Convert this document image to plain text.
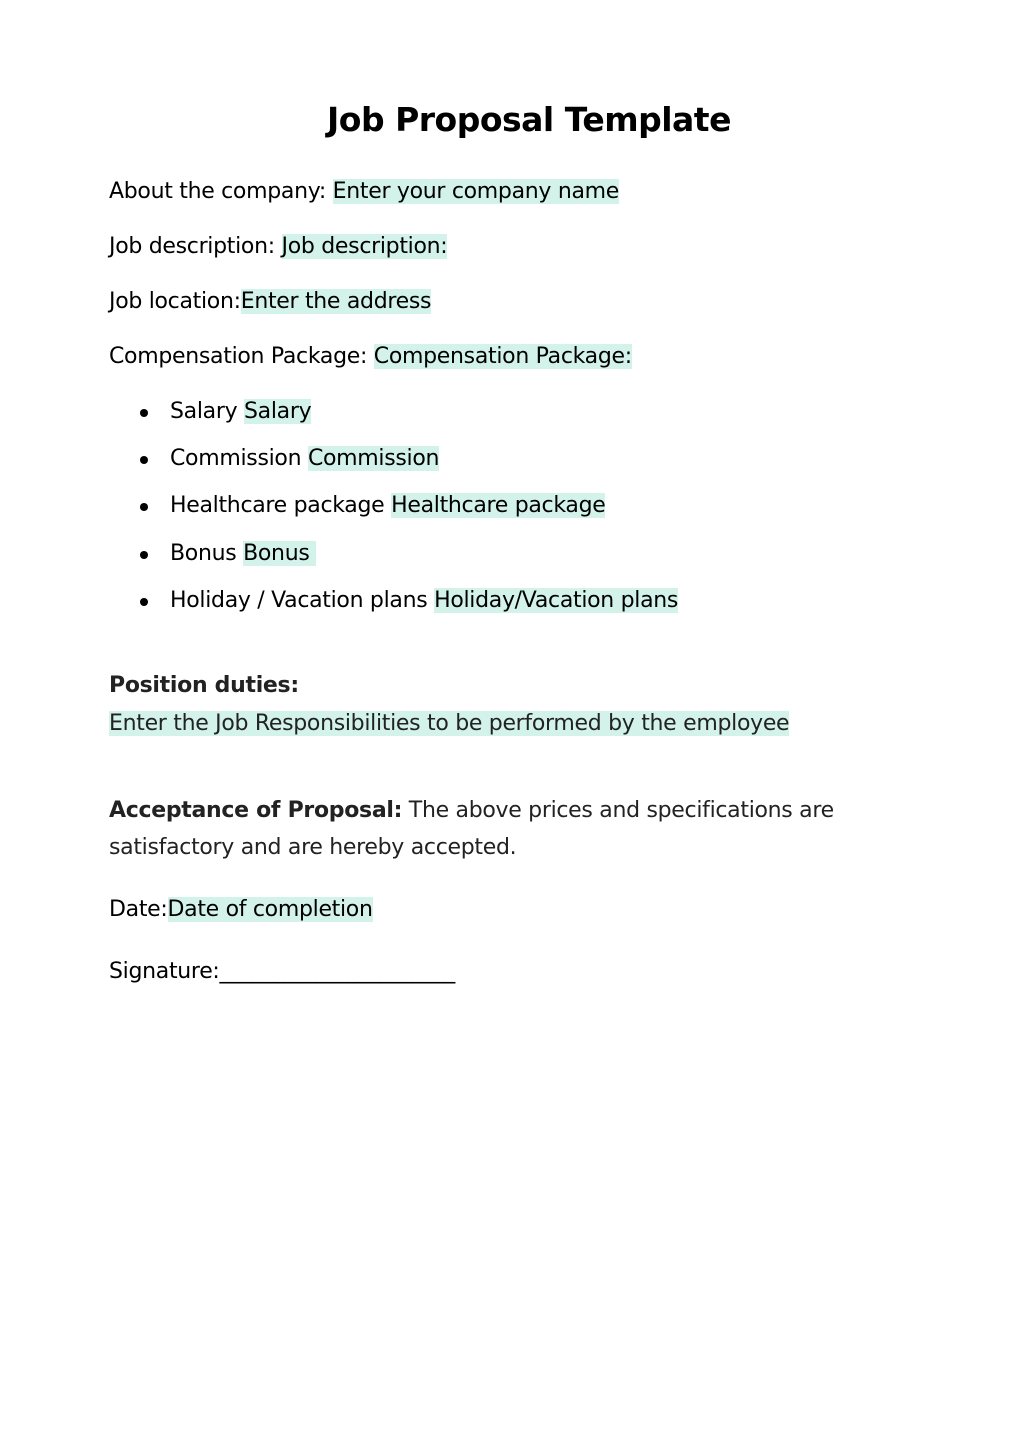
Job Proposal Template
About the company: Enter your company name
Job description: Job description:
Job location:Enter the address
Compensation Package: Compensation Package:
Salary Salary
Commission Commission
Healthcare package Healthcare package
Bonus Bonus
Holiday / Vacation plans Holiday/Vacation plans
Position duties:
Enter the Job Responsibilities to be performed by the employee
Acceptance of Proposal: The above prices and specifications are
satisfactory and are hereby accepted.
Date:Date of completion
Signature:______________________
